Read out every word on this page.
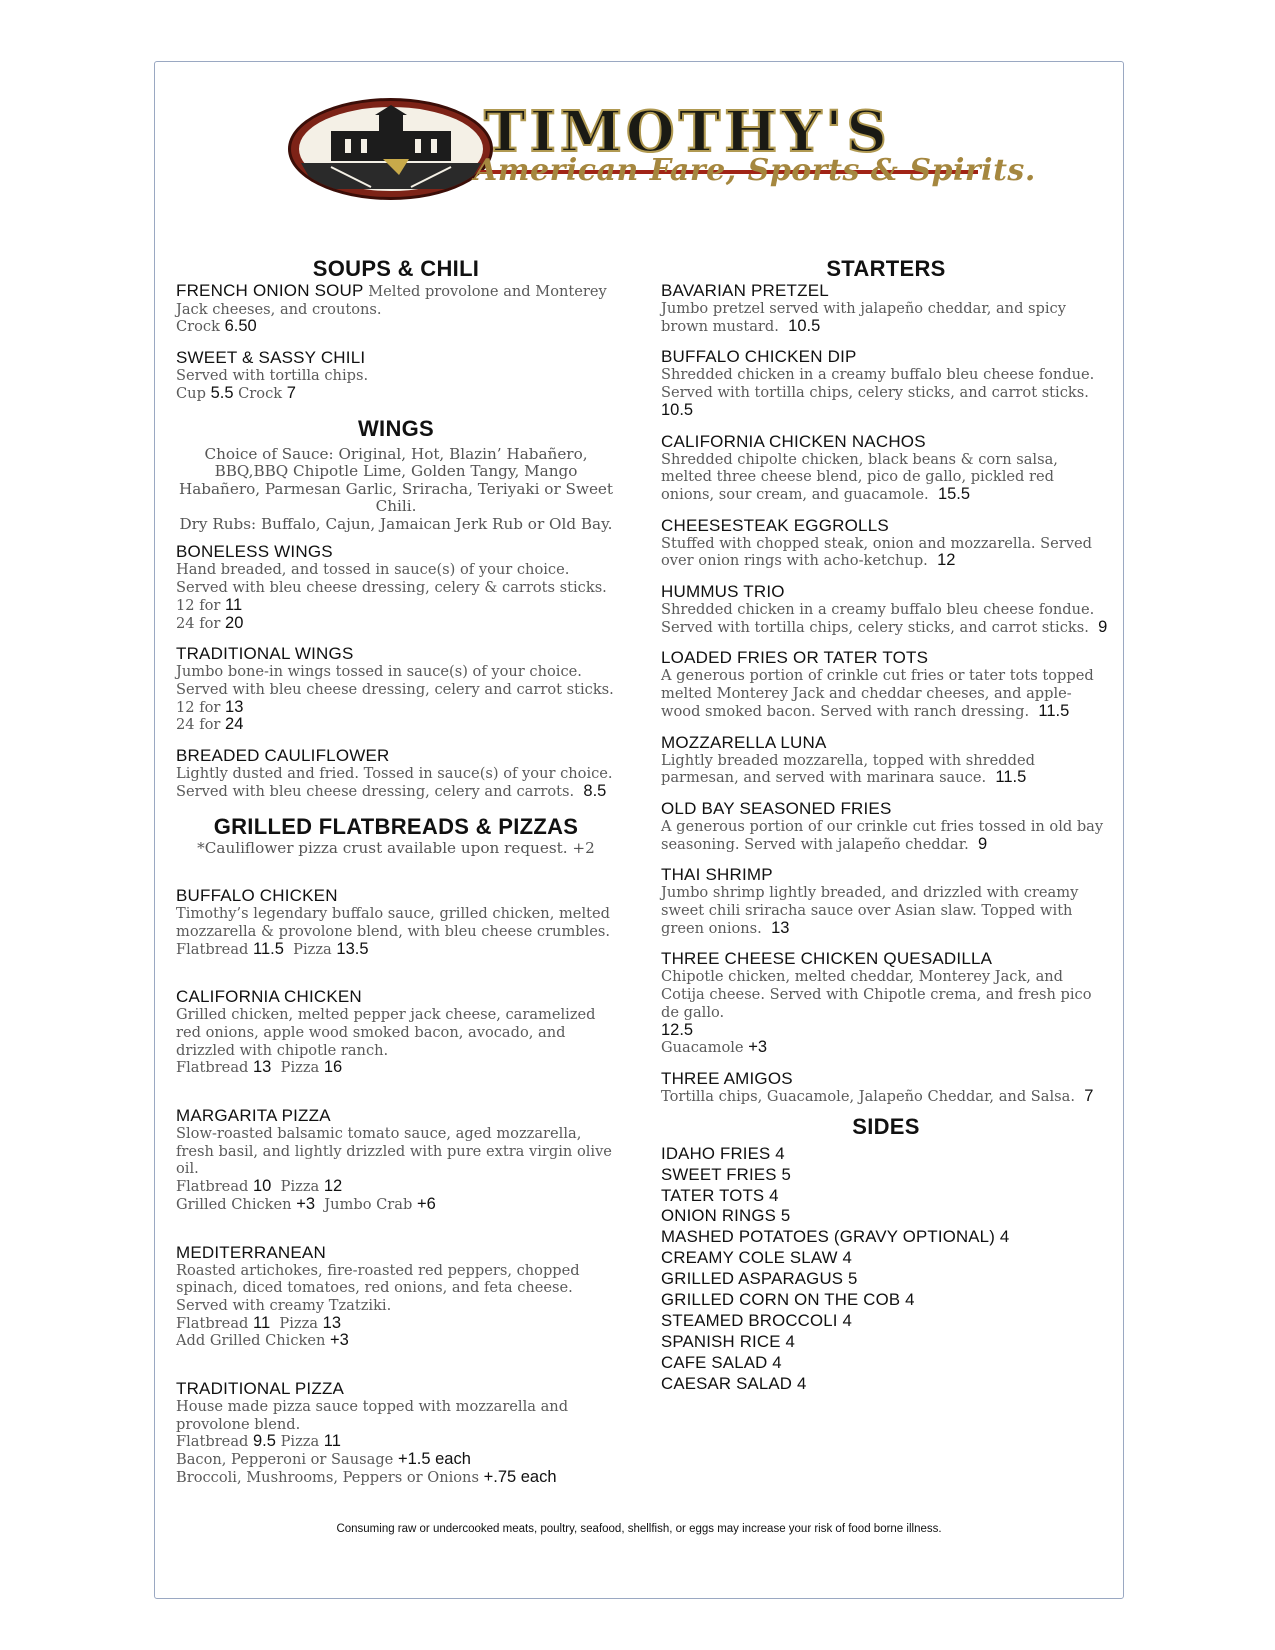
TIMOTHY'S
American Fare, Sports & Spirits.
SOUPS & CHILI
FRENCH ONION SOUP Melted provolone and Monterey Jack cheeses, and croutons.
Crock 6.50
SWEET & SASSY CHILI
Served with tortilla chips.
Cup 5.5 Crock 7
WINGS
Choice of Sauce: Original, Hot, Blazin’ Habañero, BBQ,BBQ Chipotle Lime, Golden Tangy, Mango Habañero, Parmesan Garlic, Sriracha, Teriyaki or Sweet Chili.
Dry Rubs: Buffalo, Cajun, Jamaican Jerk Rub or Old Bay.
BONELESS WINGS
Hand breaded, and tossed in sauce(s) of your choice. Served with bleu cheese dressing, celery & carrots sticks.
12 for 11
24 for 20
TRADITIONAL WINGS
Jumbo bone-in wings tossed in sauce(s) of your choice. Served with bleu cheese dressing, celery and carrot sticks.
12 for 13
24 for 24
BREADED CAULIFLOWER
Lightly dusted and fried. Tossed in sauce(s) of your choice. Served with bleu cheese dressing, celery and carrots. 8.5
GRILLED FLATBREADS & PIZZAS
*Cauliflower pizza crust available upon request. +2
BUFFALO CHICKEN
Timothy’s legendary buffalo sauce, grilled chicken, melted mozzarella & provolone blend, with bleu cheese crumbles.
Flatbread 11.5 Pizza 13.5
CALIFORNIA CHICKEN
Grilled chicken, melted pepper jack cheese, caramelized red onions, apple wood smoked bacon, avocado, and drizzled with chipotle ranch.
Flatbread 13 Pizza 16
MARGARITA PIZZA
Slow-roasted balsamic tomato sauce, aged mozzarella, fresh basil, and lightly drizzled with pure extra virgin olive oil.
Flatbread 10 Pizza 12
Grilled Chicken +3 Jumbo Crab +6
MEDITERRANEAN
Roasted artichokes, fire-roasted red peppers, chopped spinach, diced tomatoes, red onions, and feta cheese. Served with creamy Tzatziki.
Flatbread 11 Pizza 13
Add Grilled Chicken +3
TRADITIONAL PIZZA
House made pizza sauce topped with mozzarella and provolone blend.
Flatbread 9.5 Pizza 11
Bacon, Pepperoni or Sausage +1.5 each
Broccoli, Mushrooms, Peppers or Onions +.75 each
STARTERS
BAVARIAN PRETZEL
Jumbo pretzel served with jalapeño cheddar, and spicy brown mustard. 10.5
BUFFALO CHICKEN DIP
Shredded chicken in a creamy buffalo bleu cheese fondue. Served with tortilla chips, celery sticks, and carrot sticks.
10.5
CALIFORNIA CHICKEN NACHOS
Shredded chipolte chicken, black beans & corn salsa, melted three cheese blend, pico de gallo, pickled red onions, sour cream, and guacamole. 15.5
CHEESESTEAK EGGROLLS
Stuffed with chopped steak, onion and mozzarella. Served over onion rings with acho-ketchup. 12
HUMMUS TRIO
Shredded chicken in a creamy buffalo bleu cheese fondue. Served with tortilla chips, celery sticks, and carrot sticks. 9
LOADED FRIES OR TATER TOTS
A generous portion of crinkle cut fries or tater tots topped melted Monterey Jack and cheddar cheeses, and apple-wood smoked bacon. Served with ranch dressing. 11.5
MOZZARELLA LUNA
Lightly breaded mozzarella, topped with shredded parmesan, and served with marinara sauce. 11.5
OLD BAY SEASONED FRIES
A generous portion of our crinkle cut fries tossed in old bay seasoning. Served with jalapeño cheddar. 9
THAI SHRIMP
Jumbo shrimp lightly breaded, and drizzled with creamy sweet chili sriracha sauce over Asian slaw. Topped with green onions. 13
THREE CHEESE CHICKEN QUESADILLA
Chipotle chicken, melted cheddar, Monterey Jack, and Cotija cheese. Served with Chipotle crema, and fresh pico de gallo.
12.5
Guacamole +3
THREE AMIGOS
Tortilla chips, Guacamole, Jalapeño Cheddar, and Salsa. 7
SIDES
IDAHO FRIES 4
SWEET FRIES 5
TATER TOTS 4
ONION RINGS 5
MASHED POTATOES (GRAVY OPTIONAL) 4
CREAMY COLE SLAW 4
GRILLED ASPARAGUS 5
GRILLED CORN ON THE COB 4
STEAMED BROCCOLI 4
SPANISH RICE 4
CAFE SALAD 4
CAESAR SALAD 4
Consuming raw or undercooked meats, poultry, seafood, shellfish, or eggs may increase your risk of food borne illness.
